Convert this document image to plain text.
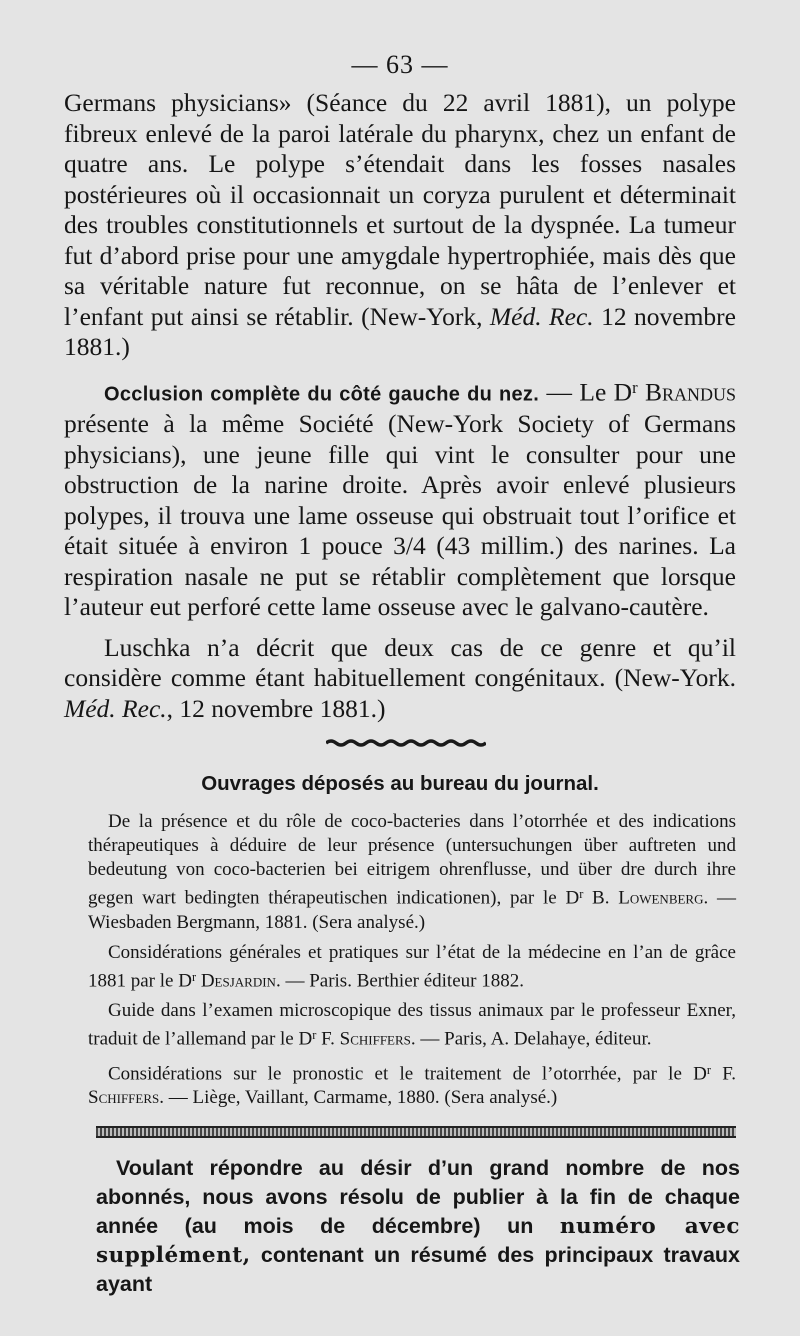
— 63 —

Germans physicians» (Séance du 22 avril 1881), un polype fibreux enlevé de la paroi latérale du pharynx, chez un enfant de quatre ans. Le polype s’étendait dans les fosses nasales postérieures où il occasionnait un coryza purulent et déterminait des troubles constitutionnels et surtout de la dyspnée. La tumeur fut d’abord prise pour une amygdale hypertrophiée, mais dès que sa véritable nature fut reconnue, on se hâta de l’enlever et l’enfant put ainsi se rétablir. (New-York, Méd. Rec. 12 novembre 1881.)

Occlusion complète du côté gauche du nez. — Le $D^r$ Brandus présente à la même Société (New-York Society of Germans physicians), une jeune fille qui vint le consulter pour une obstruction de la narine droite. Après avoir enlevé plusieurs polypes, il trouva une lame osseuse qui obstruait tout l’orifice et était située à environ 1 pouce 3/4 (43 millim.) des narines. La respiration nasale ne put se rétablir complètement que lorsque l’auteur eut perforé cette lame osseuse avec le galvano-cautère.

Luschka n’a décrit que deux cas de ce genre et qu’il considère comme étant habituellement congénitaux. (New-York. Méd. Rec., 12 novembre 1881.)

Ouvrages déposés au bureau du journal.

De la présence et du rôle de coco-bacteries dans l’otorrhée et des indications thérapeutiques à déduire de leur présence (untersuchungen über auftreten und bedeutung von coco-bacterien bei eitrigem ohrenflusse, und über dre durch ihre gegen wart bedingten thérapeutischen indicationen), par le $D^r$ B. Lowenberg. — Wiesbaden Bergmann, 1881. (Sera analysé.)

Considérations générales et pratiques sur l’état de la médecine en l’an de grâce 1881 par le $D^r$ Desjardin. — Paris. Berthier éditeur 1882.

Guide dans l’examen microscopique des tissus animaux par le professeur Exner, traduit de l’allemand par le $D^r$ F. Schiffers. — Paris, A. Delahaye, éditeur.

Considérations sur le pronostic et le traitement de l’otorrhée, par le $D^r$ F. Schiffers. — Liège, Vaillant, Carmame, 1880. (Sera analysé.)

Voulant répondre au désir d’un grand nombre de nos abonnés, nous avons résolu de publier à la fin de chaque année (au mois de décembre) un numéro avec supplément, contenant un résumé des principaux travaux ayant
